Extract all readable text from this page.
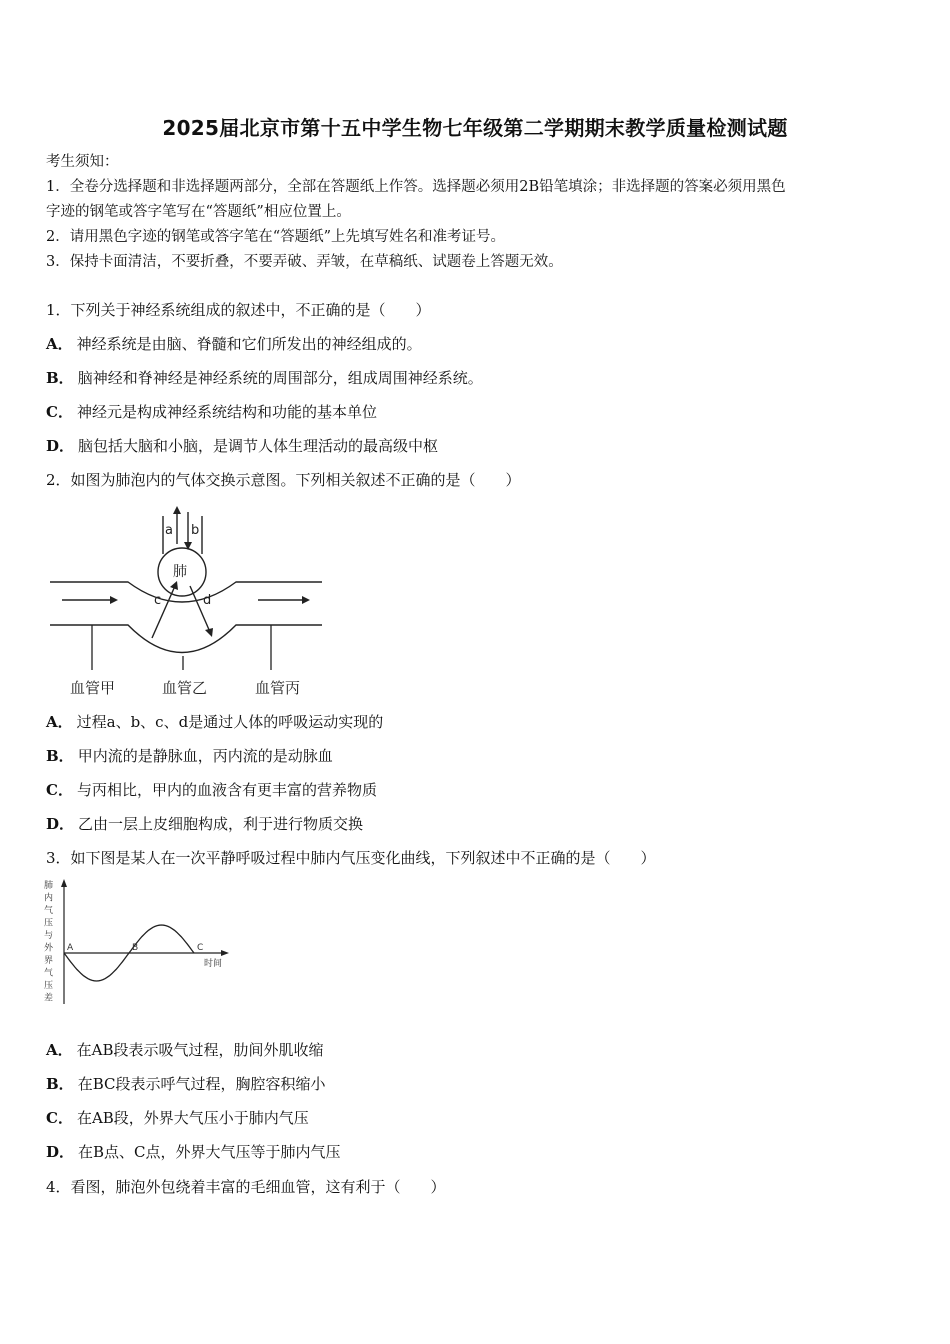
2025届北京市第十五中学生物七年级第二学期期末教学质量检测试题
考生须知：
1．全卷分选择题和非选择题两部分，全部在答题纸上作答。选择题必须用2B铅笔填涂；非选择题的答案必须用黑色
字迹的钢笔或答字笔写在“答题纸”相应位置上。
2．请用黑色字迹的钢笔或答字笔在“答题纸”上先填写姓名和准考证号。
3．保持卡面清洁，不要折叠，不要弄破、弄皱，在草稿纸、试题卷上答题无效。
1．下列关于神经系统组成的叙述中，不正确的是（　　）
A． 神经系统是由脑、脊髓和它们所发出的神经组成的。
B． 脑神经和脊神经是神经系统的周围部分，组成周围神经系统。
C． 神经元是构成神经系统结构和功能的基本单位
D． 脑包括大脑和小脑，是调节人体生理活动的最高级中枢
2．如图为肺泡内的气体交换示意图。下列相关叙述不正确的是（　　）
肺
a b
c	d
血管甲	血管乙	血管丙
A． 过程a、b、c、d是通过人体的呼吸运动实现的
B． 甲内流的是静脉血，丙内流的是动脉血
C． 与丙相比，甲内的血液含有更丰富的营养物质
D． 乙由一层上皮细胞构成，利于进行物质交换
3．如下图是某人在一次平静呼吸过程中肺内气压变化曲线，下列叙述中不正确的是（　　）
肺内气压与外界气压差
时间
A	B	C
A． 在AB段表示吸气过程，肋间外肌收缩
B． 在BC段表示呼气过程，胸腔容积缩小
C． 在AB段，外界大气压小于肺内气压
D． 在B点、C点，外界大气压等于肺内气压
4．看图，肺泡外包绕着丰富的毛细血管，这有利于（　　）
